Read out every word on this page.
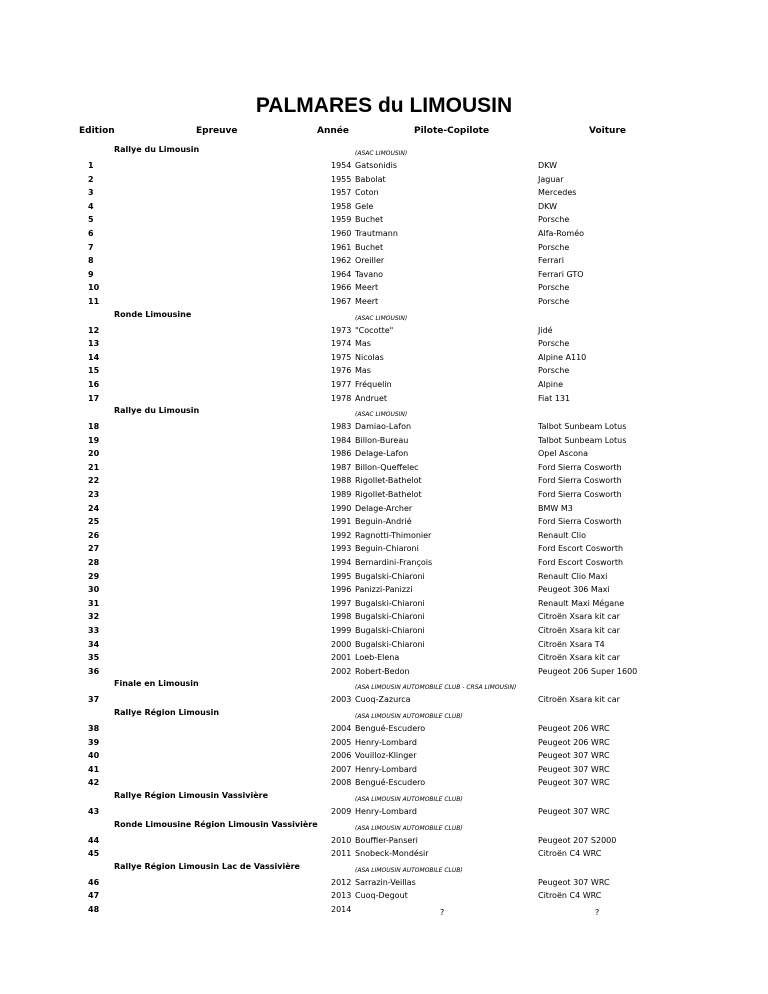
PALMARES du LIMOUSIN
Edition	Epreuve	Année	Pilote-Copilote	Voiture
Rallye du Limousin	(ASAC LIMOUSIN)
1	1954 Gatsonidis	DKW
2	1955 Babolat	Jaguar
3	1957 Coton	Mercedes
4	1958 Gele	DKW
5	1959 Buchet	Porsche
6	1960 Trautmann	Alfa-Roméo
7	1961 Buchet	Porsche
8	1962 Oreiller	Ferrari
9	1964 Tavano	Ferrari GTO
10	1966 Meert	Porsche
11	1967 Meert	Porsche
Ronde Limousine	(ASAC LIMOUSIN)
12	1973 "Cocotte"	Jidé
13	1974 Mas	Porsche
14	1975 Nicolas	Alpine A110
15	1976 Mas	Porsche
16	1977 Fréquelin	Alpine
17	1978 Andruet	Fiat 131
Rallye du Limousin	(ASAC LIMOUSIN)
18	1983 Damiao-Lafon	Talbot Sunbeam Lotus
19	1984 Billon-Bureau	Talbot Sunbeam Lotus
20	1986 Delage-Lafon	Opel Ascona
21	1987 Billon-Queffelec	Ford Sierra Cosworth
22	1988 Rigollet-Bathelot	Ford Sierra Cosworth
23	1989 Rigollet-Bathelot	Ford Sierra Cosworth
24	1990 Delage-Archer	BMW M3
25	1991 Beguin-Andrié	Ford Sierra Cosworth
26	1992 Ragnotti-Thimonier	Renault Clio
27	1993 Beguin-Chiaroni	Ford Escort Cosworth
28	1994 Bernardini-François	Ford Escort Cosworth
29	1995 Bugalski-Chiaroni	Renault Clio Maxi
30	1996 Panizzi-Panizzi	Peugeot 306 Maxi
31	1997 Bugalski-Chiaroni	Renault Maxi Mégane
32	1998 Bugalski-Chiaroni	Citroën Xsara kit car
33	1999 Bugalski-Chiaroni	Citroën Xsara kit car
34	2000 Bugalski-Chiaroni	Citroën Xsara T4
35	2001 Loeb-Elena	Citroën Xsara kit car
36	2002 Robert-Bedon	Peugeot 206 Super 1600
Finale en Limousin	(ASA LIMOUSIN AUTOMOBILE CLUB - CRSA LIMOUSIN)
37	2003 Cuoq-Zazurca	Citroën Xsara kit car
Rallye Région Limousin	(ASA LIMOUSIN AUTOMOBILE CLUB)
38	2004 Bengué-Escudero	Peugeot 206 WRC
39	2005 Henry-Lombard	Peugeot 206 WRC
40	2006 Vouilloz-Klinger	Peugeot 307 WRC
41	2007 Henry-Lombard	Peugeot 307 WRC
42	2008 Bengué-Escudero	Peugeot 307 WRC
Rallye Région Limousin Vassivière	(ASA LIMOUSIN AUTOMOBILE CLUB)
43	2009 Henry-Lombard	Peugeot 307 WRC
Ronde Limousine Région Limousin Vassivière	(ASA LIMOUSIN AUTOMOBILE CLUB)
44	2010 Bouffier-Panseri	Peugeot 207 S2000
45	2011 Snobeck-Mondésir	Citroën C4 WRC
Rallye Région Limousin Lac de Vassivière	(ASA LIMOUSIN AUTOMOBILE CLUB)
46	2012 Sarrazin-Veillas	Peugeot 307 WRC
47	2013 Cuoq-Degout	Citroën C4 WRC
48	2014	?	?
